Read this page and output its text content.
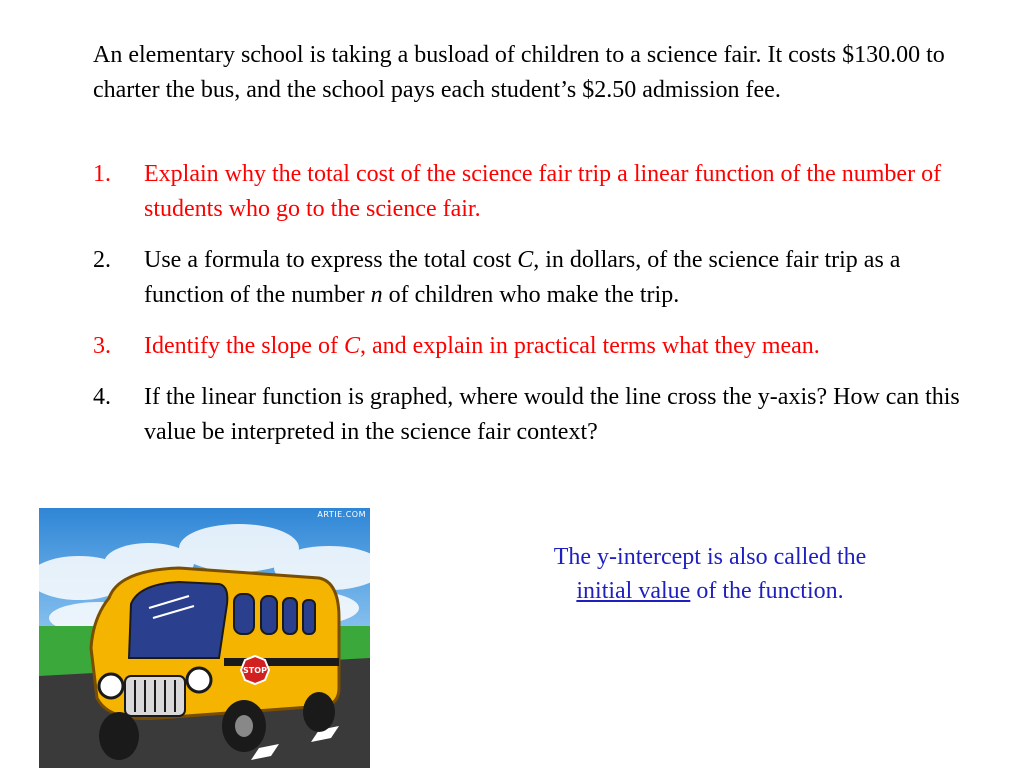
An elementary school is taking a busload of children to a science fair. It costs $130.00 to charter the bus, and the school pays each student’s $2.50 admission fee.

1. Explain why the total cost of the science fair trip a linear function of the number of students who go to the science fair.
2. Use a formula to express the total cost C, in dollars, of the science fair trip as a function of the number n of children who make the trip.
3. Identify the slope of C, and explain in practical terms what they mean.
4. If the linear function is graphed, where would the line cross the y-axis? How can this value be interpreted in the science fair context?
STOP
ARTIE.COM
The y-intercept is also called the
initial value of the function.
